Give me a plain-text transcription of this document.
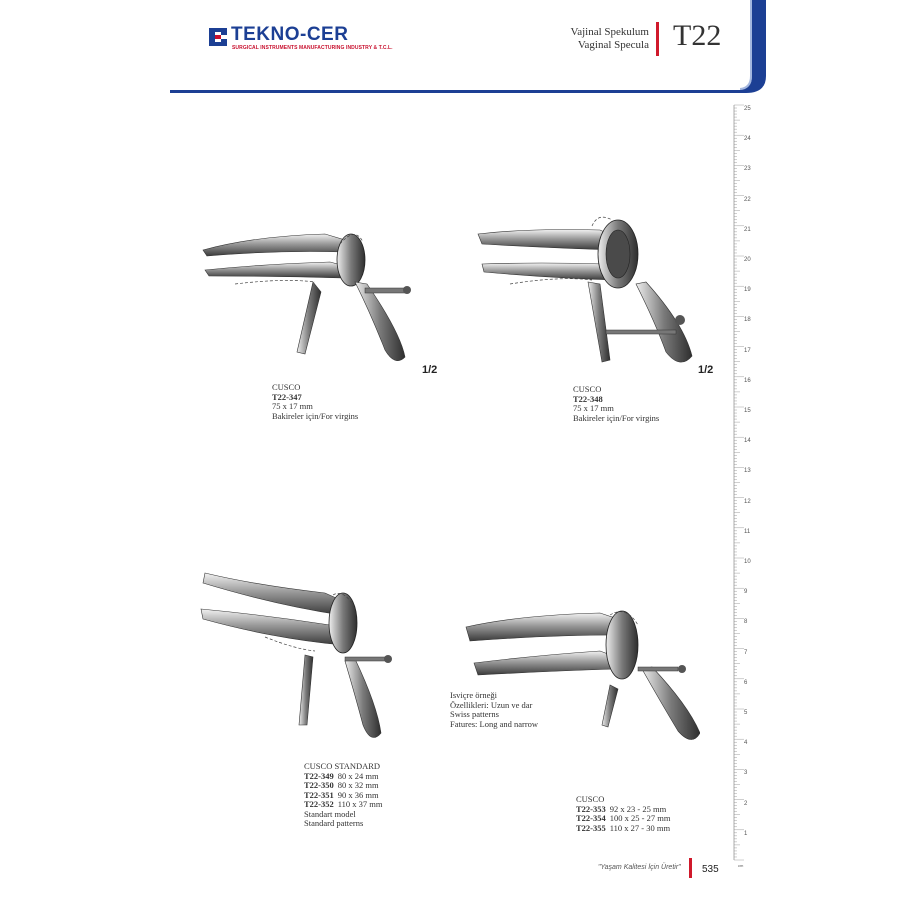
TEKNO-CER
SURGICAL INSTRUMENTS MANUFACTURING INDUSTRY & T.C.L.
Vajinal Spekulum
Vaginal Specula T22
25
24
23
22
21
20
19
18
17
16
15
14
13
12
11
10
9
8
7
6
5
4
3
2
1
cm
1/2
CUSCO
T22-347
75 x 17 mm
Bakireler için/For virgins
1/2
CUSCO
T22-348
75 x 17 mm
Bakireler için/For virgins
CUSCO STANDARD
T22-349 80 x 24 mm
T22-350 80 x 32 mm
T22-351 90 x 36 mm
T22-352 110 x 37 mm
Standart model
Standard patterns
Isviçre örneği
Özellikleri: Uzun ve dar
Swiss patterns
Fatures: Long and narrow
CUSCO
T22-353 92 x 23 - 25 mm
T22-354 100 x 25 - 27 mm
T22-355 110 x 27 - 30 mm
"Yaşam Kalitesi İçin Üretir" 535
